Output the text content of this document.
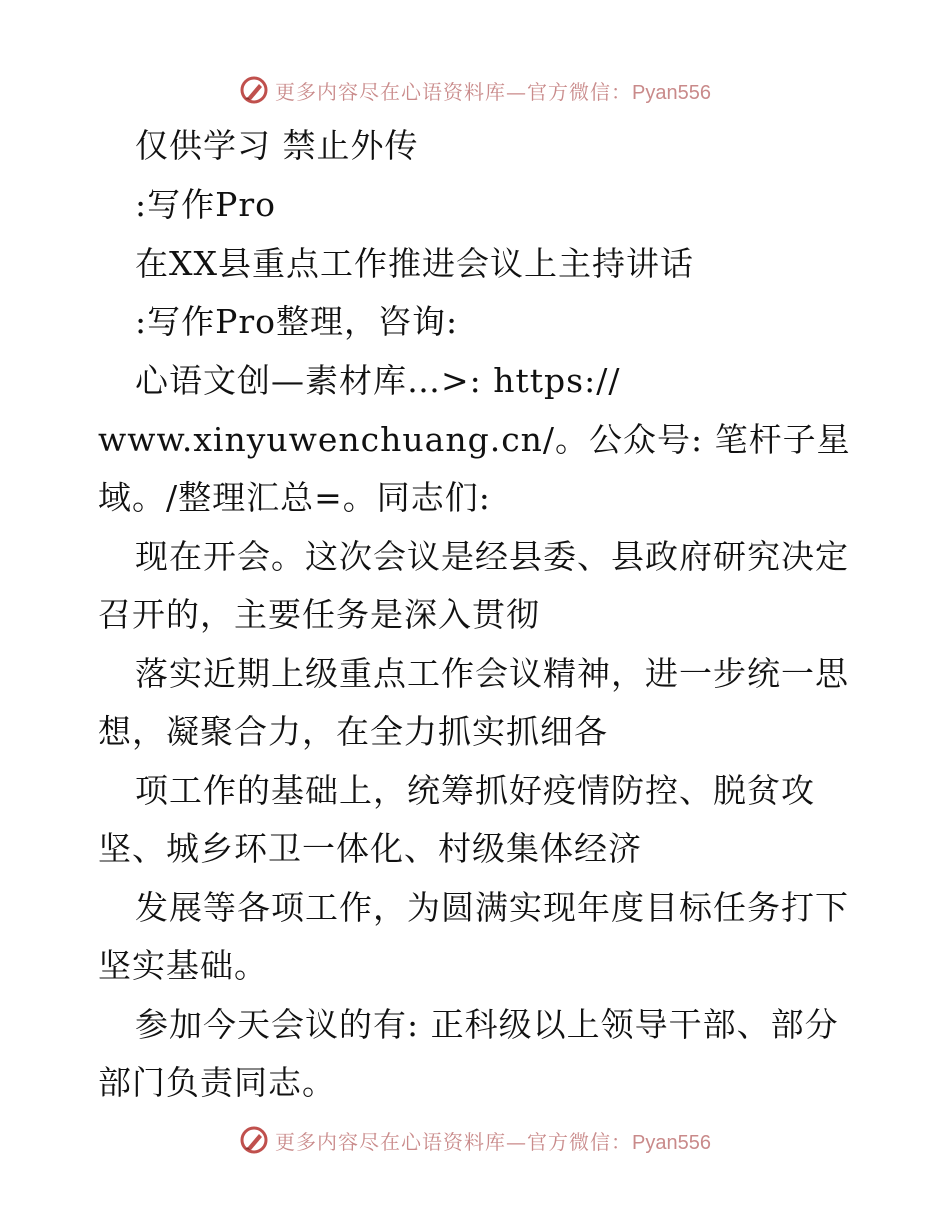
更多内容尽在心语资料库—官方微信：Pyan556
仅供学习 禁止外传
:写作Pro
在XX县重点工作推进会议上主持讲话
:写作Pro整理，咨询:
心语文创—素材库…>: https://
www.xinyuwenchuang.cn/。公众号: 笔杆子星
域。/整理汇总=。同志们:
现在开会。这次会议是经县委、县政府研究决定
召开的，主要任务是深入贯彻
落实近期上级重点工作会议精神，进一步统一思
想，凝聚合力，在全力抓实抓细各
项工作的基础上，统筹抓好疫情防控、脱贫攻
坚、城乡环卫一体化、村级集体经济
发展等各项工作，为圆满实现年度目标任务打下
坚实基础。
参加今天会议的有: 正科级以上领导干部、部分
部门负责同志。
更多内容尽在心语资料库—官方微信：Pyan556
